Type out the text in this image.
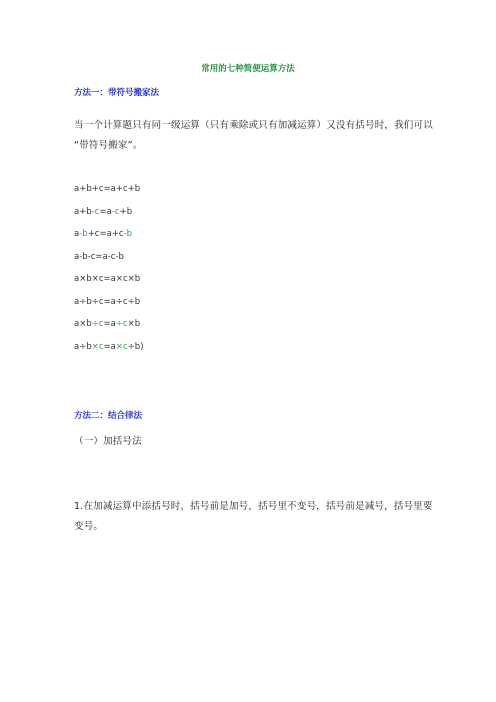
常用的七种简便运算方法
方法一：带符号搬家法
当一个计算题只有同一级运算（只有乘除或只有加减运算）又没有括号时，我们可以
“带符号搬家”。
a+b+c=a+c+b
a+b-c=a-c+b
a-b+c=a+c-b
a-b-c=a-c-b
a×b×c=a×c×b
a÷b÷c=a÷c÷b
a×b÷c=a÷c×b
a÷b×c=a×c÷b)
方法二：结合律法
（一）加括号法
1.在加减运算中添括号时，括号前是加号，括号里不变号，括号前是减号，括号里要
变号。
